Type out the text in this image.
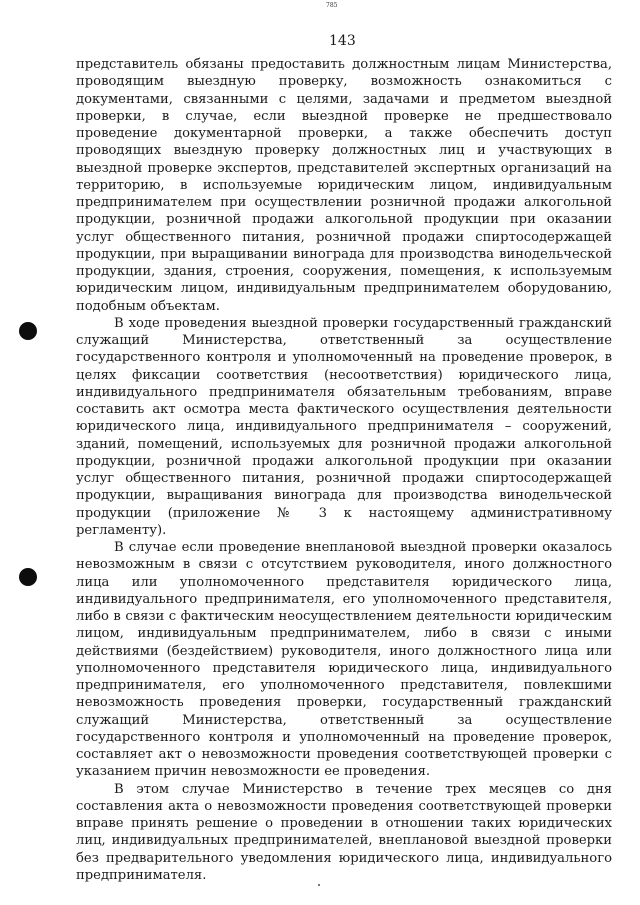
785
143

представитель обязаны предоставить должностным лицам Министерства, проводящим выездную проверку, возможность ознакомиться с документами, связанными с целями, задачами и предметом выездной проверки, в случае, если выездной проверке не предшествовало проведение документарной проверки, а также обеспечить доступ проводящих выездную проверку должностных лиц и участвующих в выездной проверке экспертов, представителей экспертных организаций на территорию, в используемые юридическим лицом, индивидуальным предпринимателем при осуществлении розничной продажи алкогольной продукции, розничной продажи алкогольной продукции при оказании услуг общественного питания, розничной продажи спиртосодержащей продукции, при выращивании винограда для производства винодельческой продукции, здания, строения, сооружения, помещения, к используемым юридическим лицом, индивидуальным предпринимателем оборудованию, подобным объектам.

В ходе проведения выездной проверки государственный гражданский служащий Министерства, ответственный за осуществление государственного контроля и уполномоченный на проведение проверок, в целях фиксации соответствия (несоответствия) юридического лица, индивидуального предпринимателя обязательным требованиям, вправе составить акт осмотра места фактического осуществления деятельности юридического лица, индивидуального предпринимателя – сооружений, зданий, помещений, используемых для розничной продажи алкогольной продукции, розничной продажи алкогольной продукции при оказании услуг общественного питания, розничной продажи спиртосодержащей продукции, выращивания винограда для производства винодельческой продукции (приложение № 3 к настоящему административному регламенту).

В случае если проведение внеплановой выездной проверки оказалось невозможным в связи с отсутствием руководителя, иного должностного лица или уполномоченного представителя юридического лица, индивидуального предпринимателя, его уполномоченного представителя, либо в связи с фактическим неосуществлением деятельности юридическим лицом, индивидуальным предпринимателем, либо в связи с иными действиями (бездействием) руководителя, иного должностного лица или уполномоченного представителя юридического лица, индивидуального предпринимателя, его уполномоченного представителя, повлекшими невозможность проведения проверки, государственный гражданский служащий Министерства, ответственный за осуществление государственного контроля и уполномоченный на проведение проверок, составляет акт о невозможности проведения соответствующей проверки с указанием причин невозможности ее проведения.

В этом случае Министерство в течение трех месяцев со дня составления акта о невозможности проведения соответствующей проверки вправе принять решение о проведении в отношении таких юридических лиц, индивидуальных предпринимателей, внеплановой выездной проверки без предварительного уведомления юридического лица, индивидуального предпринимателя.
